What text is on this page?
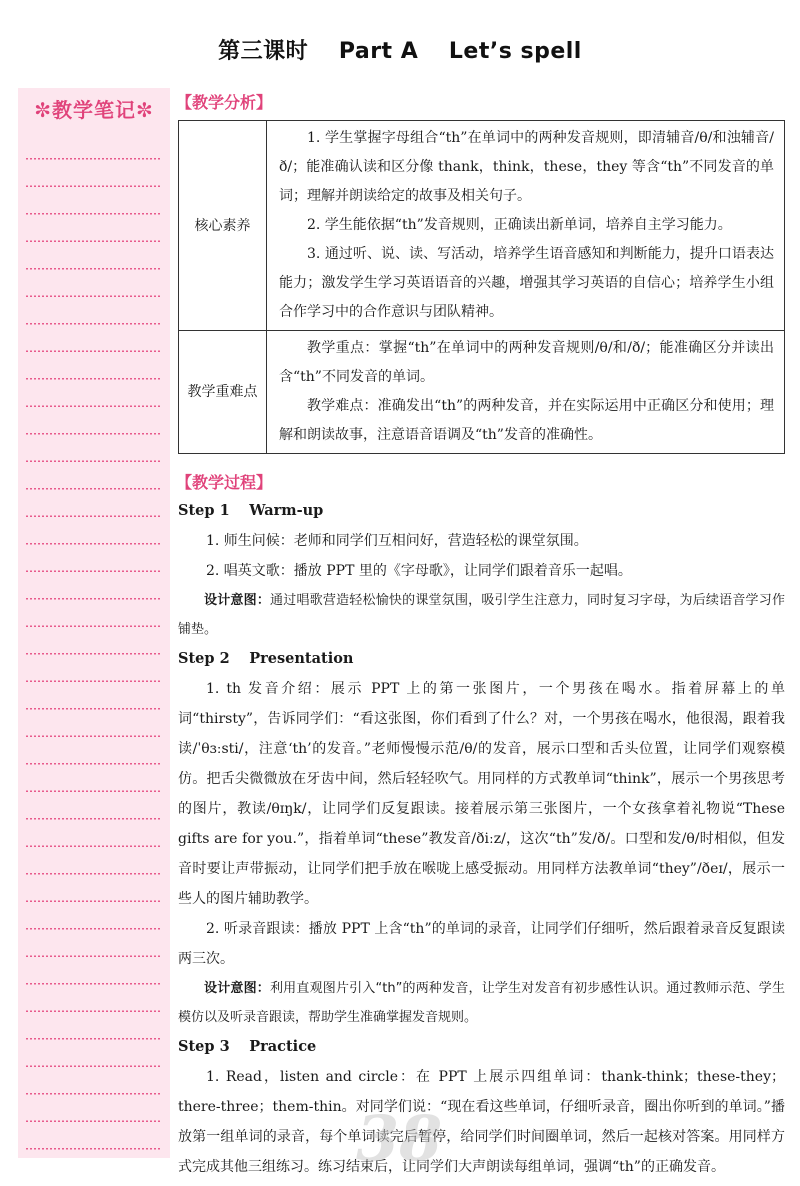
第三课时　 Part A　 Let’s spell
✼教学笔记✼	【教学分析】
核心素养	1. 学生掌握字母组合“th”在单词中的两种发音规则，即清辅音/θ/和浊辅音/ð/；能准确认读和区分像 thank，think，these，they 等含“th”不同发音的单词；理解并朗读给定的故事及相关句子。

2. 学生能依据“th”发音规则，正确读出新单词，培养自主学习能力。

3. 通过听、说、读、写活动，培养学生语音感知和判断能力，提升口语表达能力；激发学生学习英语语音的兴趣，增强其学习英语的自信心；培养学生小组合作学习中的合作意识与团队精神。

教学重难点	教学重点：掌握“th”在单词中的两种发音规则/θ/和/ð/；能准确区分并读出含“th”不同发音的单词。

教学难点：准确发出“th”的两种发音，并在实际运用中正确区分和使用；理解和朗读故事，注意语音语调及“th”发音的准确性。

【教学过程】
Step 1　 Warm-up

1. 师生问候：老师和同学们互相问好，营造轻松的课堂氛围。

2. 唱英文歌：播放 PPT 里的《字母歌》，让同学们跟着音乐一起唱。

设计意图：通过唱歌营造轻松愉快的课堂氛围，吸引学生注意力，同时复习字母，为后续语音学习作铺垫。

Step 2　 Presentation

1. th 发音介绍：展示 PPT 上的第一张图片，一个男孩在喝水。指着屏幕上的单词“thirsty”，告诉同学们：“看这张图，你们看到了什么？对，一个男孩在喝水，他很渴，跟着我读/ˈθɜːsti/，注意‘th’的发音。”老师慢慢示范/θ/的发音，展示口型和舌头位置，让同学们观察模仿。把舌尖微微放在牙齿中间，然后轻轻吹气。用同样的方式教单词“think”，展示一个男孩思考的图片，教读/θɪŋk/，让同学们反复跟读。接着展示第三张图片，一个女孩拿着礼物说“These gifts are for you.”，指着单词“these”教发音/ðiːz/，这次“th”发/ð/。口型和发/θ/时相似，但发音时要让声带振动，让同学们把手放在喉咙上感受振动。用同样方法教单词“they”/ðeɪ/，展示一些人的图片辅助教学。

2. 听录音跟读：播放 PPT 上含“th”的单词的录音，让同学们仔细听，然后跟着录音反复跟读两三次。

设计意图：利用直观图片引入“th”的两种发音，让学生对发音有初步感性认识。通过教师示范、学生模仿以及听录音跟读，帮助学生准确掌握发音规则。

Step 3　 Practice

1. Read，listen and circle：在 PPT 上展示四组单词：thank-think；these-they；there-three；them-thin。对同学们说：“现在看这些单词，仔细听录音，圈出你听到的单词。”播放第一组单词的录音，每个单词读完后暂停，给同学们时间圈单词，然后一起核对答案。用同样方式完成其他三组练习。练习结束后，让同学们大声朗读每组单词，强调“th”的正确发音。

38
